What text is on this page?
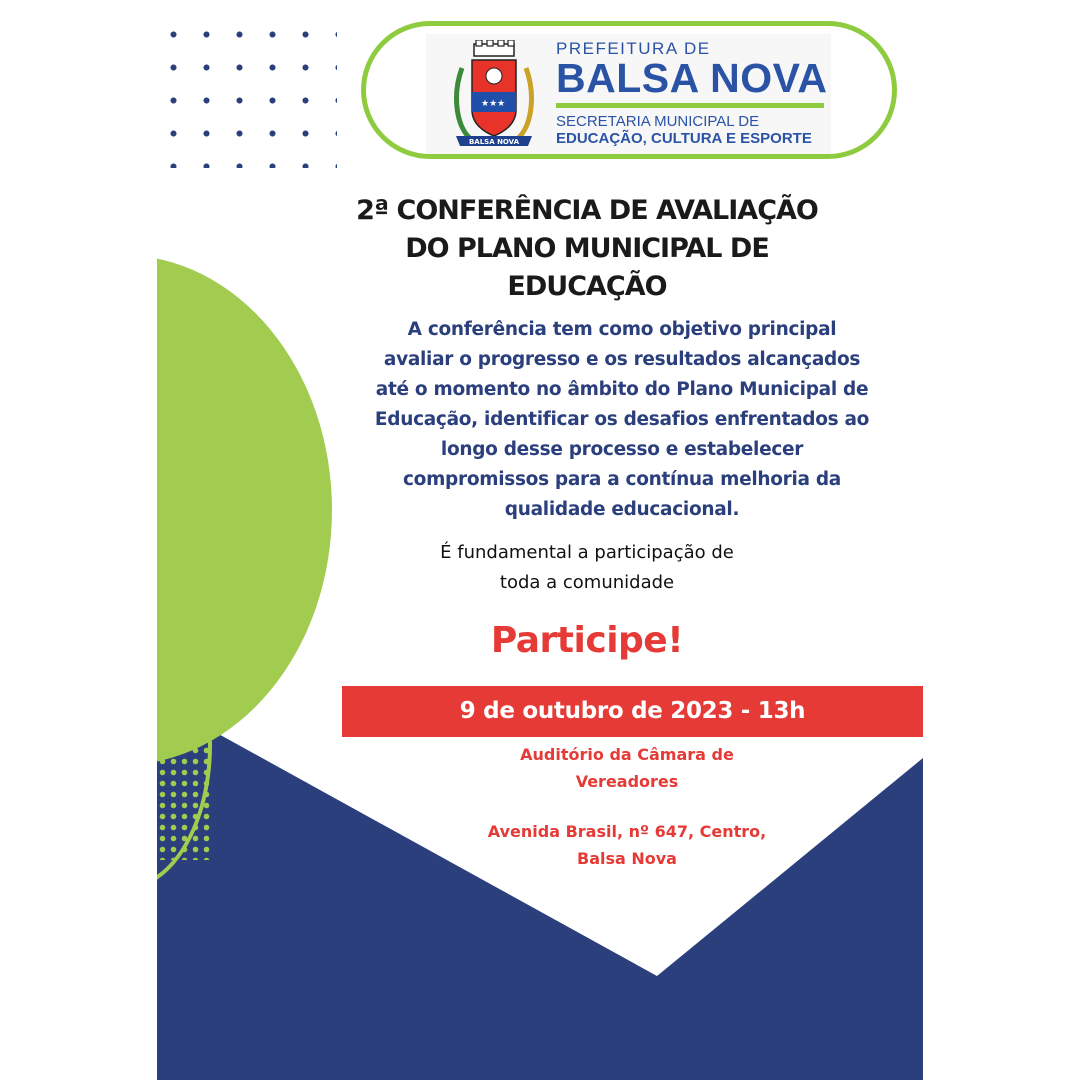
★★★
BALSA NOVA
PREFEITURA DE
BALSA NOVA
SECRETARIA MUNICIPAL DE
EDUCAÇÃO, CULTURA E ESPORTE
2ª CONFERÊNCIA DE AVALIAÇÃO
DO PLANO MUNICIPAL DE
EDUCAÇÃO

A conferência tem como objetivo principal
avaliar o progresso e os resultados alcançados
até o momento no âmbito do Plano Municipal de
Educação, identificar os desafios enfrentados ao
longo desse processo e estabelecer
compromissos para a contínua melhoria da
qualidade educacional.

É fundamental a participação de
toda a comunidade

Participe!

9 de outubro de 2023 - 13h

Auditório da Câmara de
Vereadores

Avenida Brasil, nº 647, Centro,
Balsa Nova
